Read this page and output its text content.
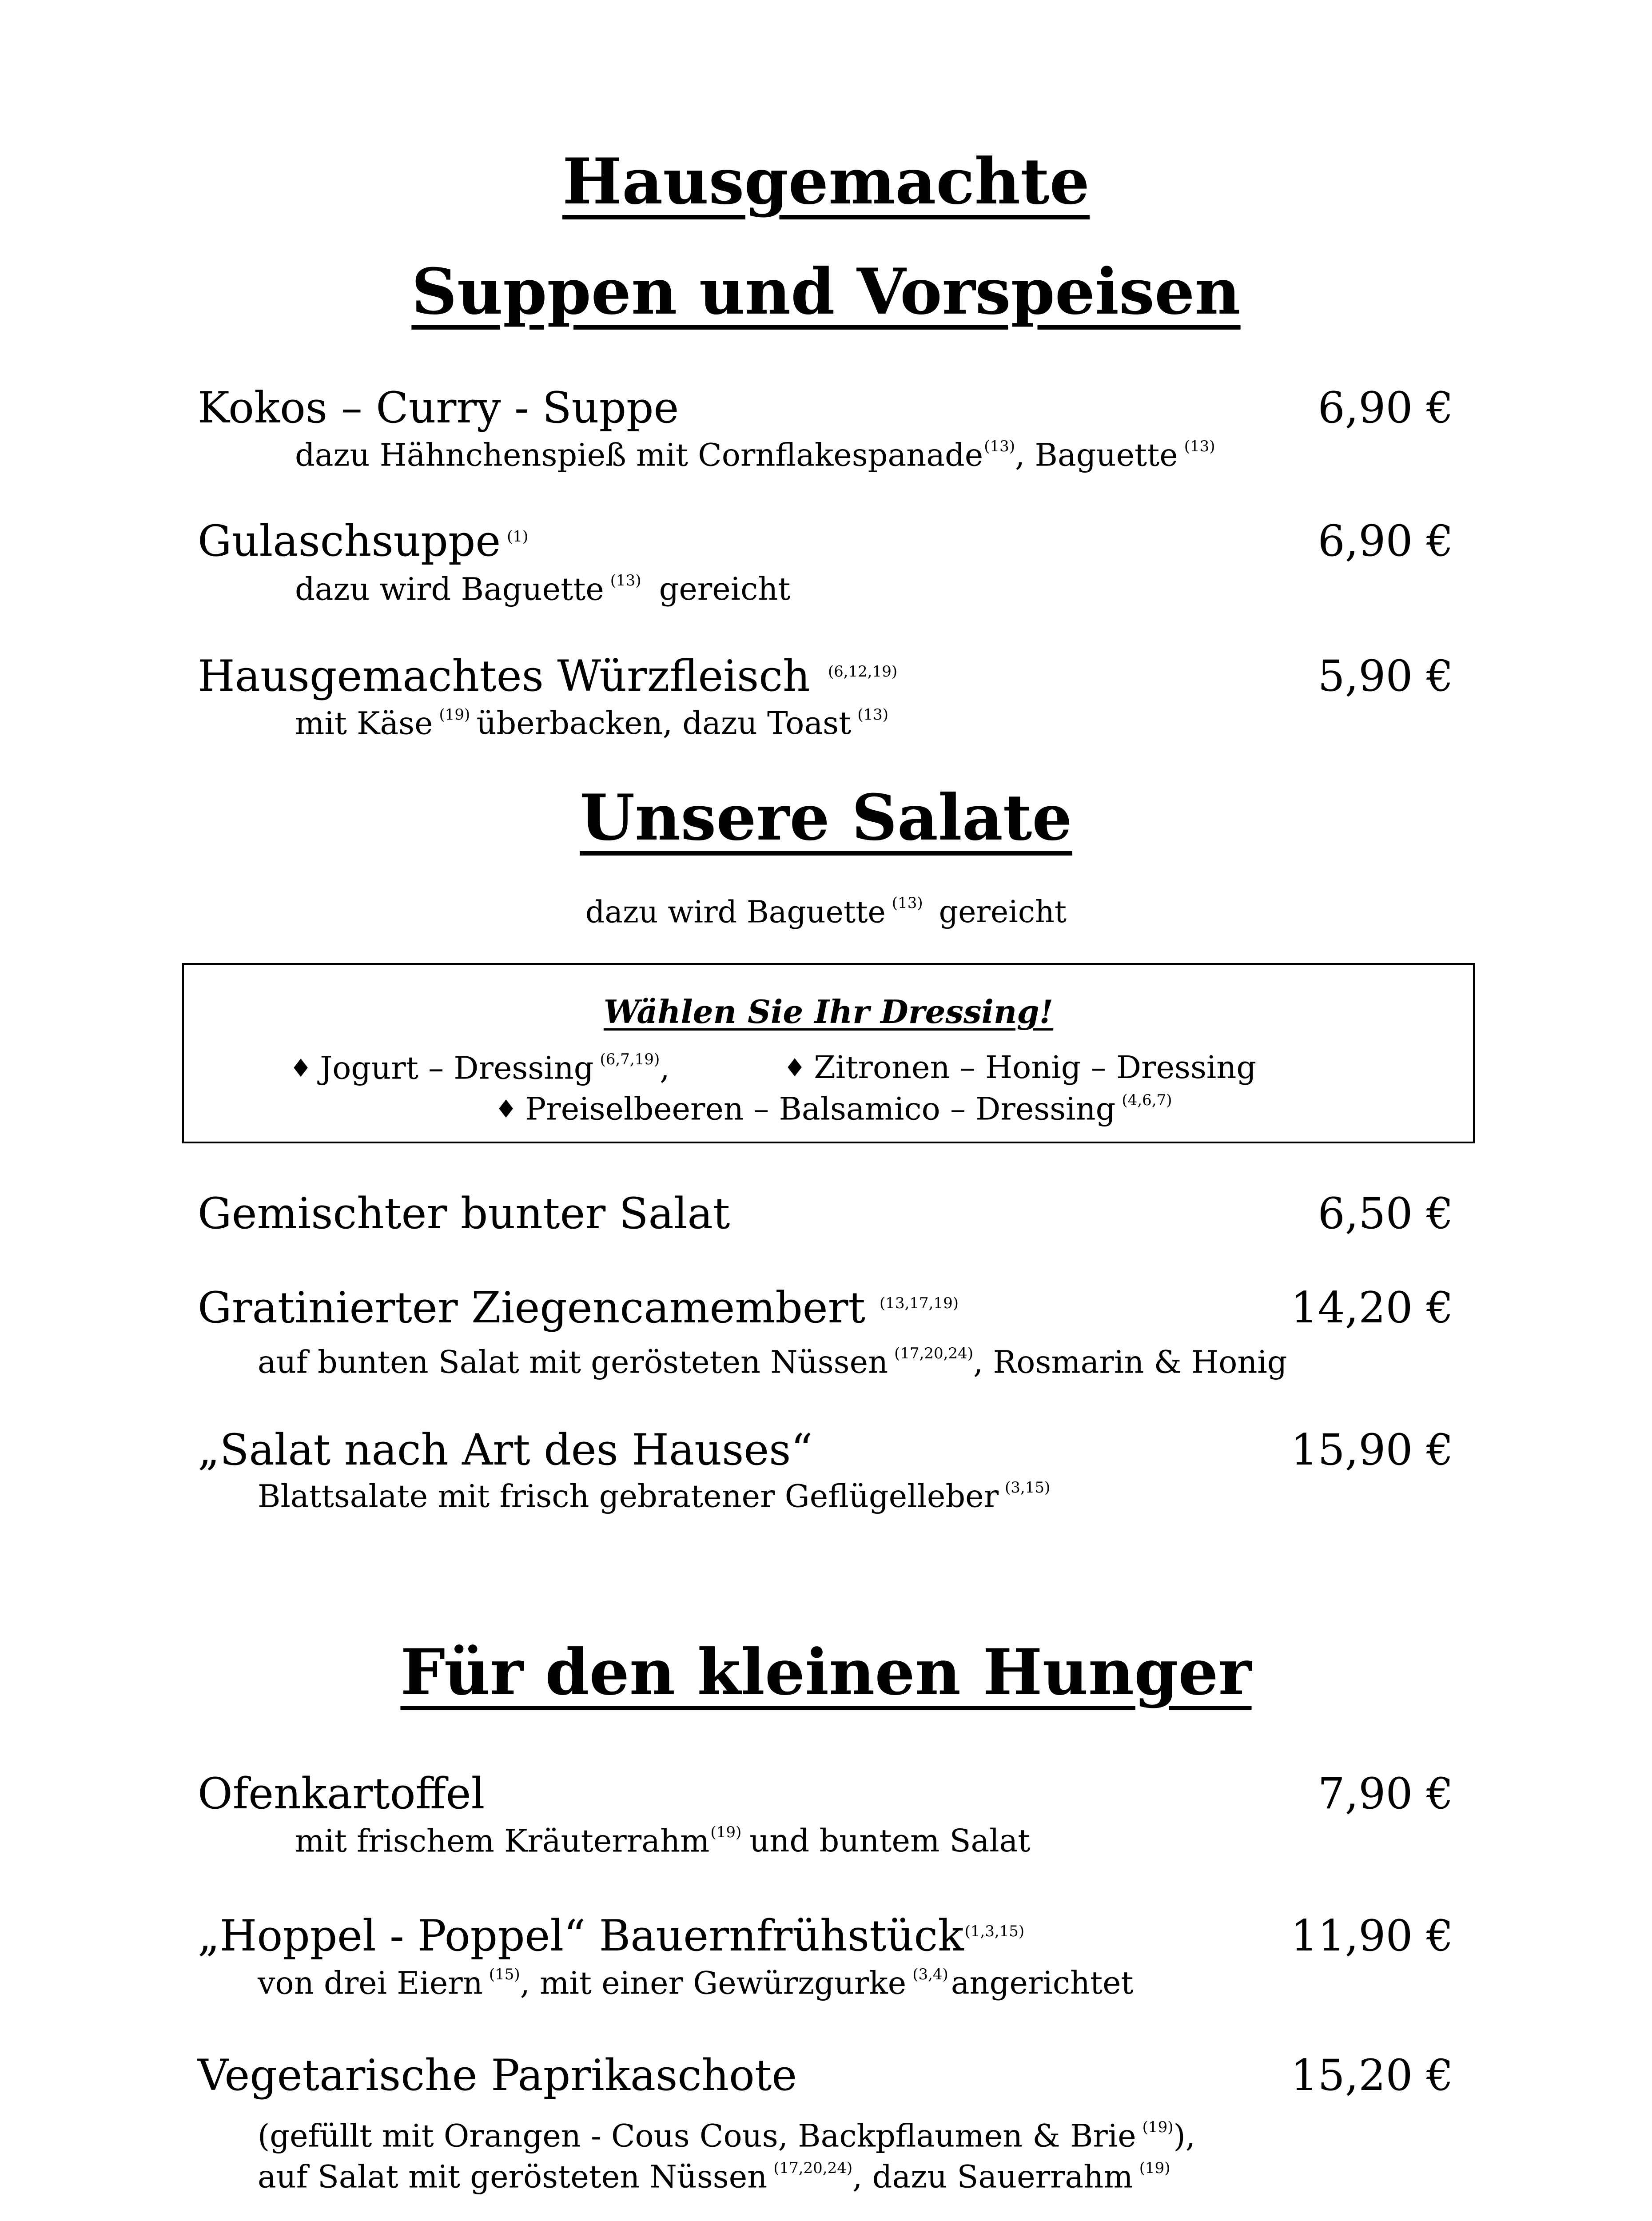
Hausgemachte
Suppen und Vorspeisen
Kokos – Curry - Suppe	6,90 €
dazu Hähnchenspieß mit Cornflakespanade$^{(13)}$, Baguette $^{(13)}$
Gulaschsuppe $^{(1)}$	6,90 €
dazu wird Baguette $^{(13)}$ gereicht
Hausgemachtes Würzfleisch $^{(6,12,19)}$	5,90 €
mit Käse $^{(19)}$ überbacken, dazu Toast $^{(13)}$
Unsere Salate
dazu wird Baguette $^{(13)}$ gereicht
Wählen Sie Ihr Dressing!
♦ Jogurt – Dressing $^{(6,7,19)}$,	♦ Zitronen – Honig – Dressing
♦ Preiselbeeren – Balsamico – Dressing $^{(4,6,7)}$
Gemischter bunter Salat	6,50 €
Gratinierter Ziegencamembert $^{(13,17,19)}$	14,20 €
auf bunten Salat mit gerösteten Nüssen $^{(17,20,24)}$, Rosmarin & Honig
„Salat nach Art des Hauses“	15,90 €
Blattsalate mit frisch gebratener Geflügelleber $^{(3,15)}$
Für den kleinen Hunger
Ofenkartoffel	7,90 €
mit frischem Kräuterrahm$^{(19)}$ und buntem Salat
„Hoppel - Poppel“ Bauernfrühstück$^{(1,3,15)}$	11,90 €
von drei Eiern $^{(15)}$, mit einer Gewürzgurke $^{(3,4)}$angerichtet
Vegetarische Paprikaschote	15,20 €
(gefüllt mit Orangen - Cous Cous, Backpflaumen & Brie $^{(19)}$),
auf Salat mit gerösteten Nüssen $^{(17,20,24)}$, dazu Sauerrahm $^{(19)}$
